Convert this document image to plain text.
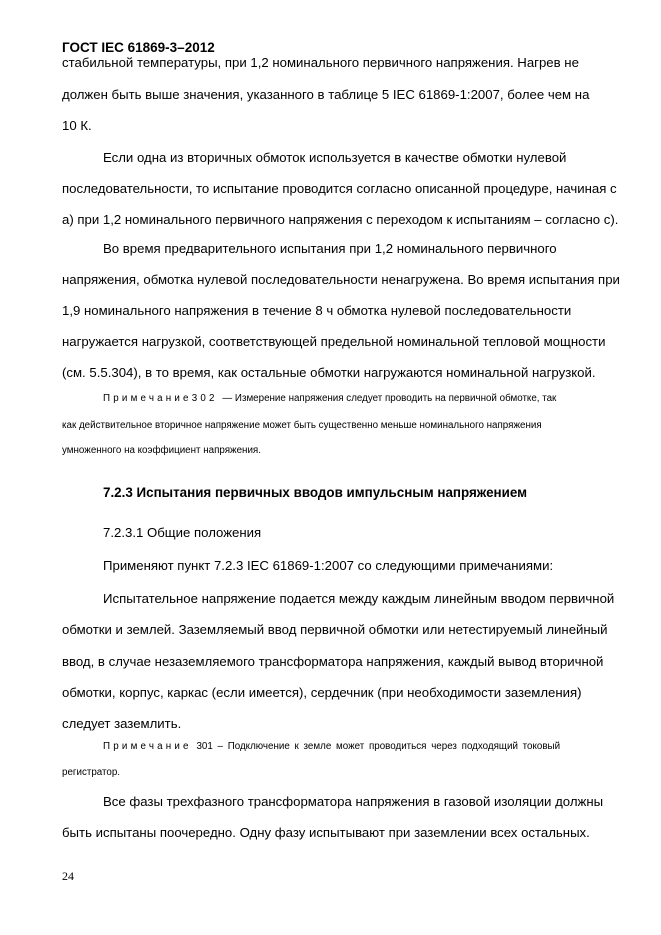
ГОСТ IEC 61869-3–2012
стабильной температуры, при 1,2 номинального первичного напряжения. Нагрев не
должен быть выше значения, указанного в таблице 5 IEC 61869-1:2007, более чем на
10 К.
Если одна из вторичных обмоток используется в качестве обмотки нулевой
последовательности, то испытание проводится согласно описанной процедуре, начиная с
а) при 1,2 номинального первичного напряжения с переходом к испытаниям – согласно с).
Во время предварительного испытания при 1,2 номинального первичного
напряжения, обмотка нулевой последовательности ненагружена. Во время испытания при
1,9 номинального напряжения в течение 8 ч обмотка нулевой последовательности
нагружается нагрузкой, соответствующей предельной номинальной тепловой мощности
(см. 5.5.304), в то время, как остальные обмотки нагружаются номинальной нагрузкой.
Примечание302 — Измерение напряжения следует проводить на первичной обмотке, так
как действительное вторичное напряжение может быть существенно меньше номинального напряжения
умноженного на коэффициент напряжения.
7.2.3 Испытания первичных вводов импульсным напряжением
7.2.3.1 Общие положения
Применяют пункт 7.2.3 IEC 61869-1:2007 со следующими примечаниями:
Испытательное напряжение подается между каждым линейным вводом первичной
обмотки и землей. Заземляемый ввод первичной обмотки или нетестируемый линейный
ввод, в случае незаземляемого трансформатора напряжения, каждый вывод вторичной
обмотки, корпус, каркас (если имеется), сердечник (при необходимости заземления)
следует заземлить.
Примечание 301 – Подключение к земле может проводиться через подходящий токовый
регистратор.
Все фазы трехфазного трансформатора напряжения в газовой изоляции должны
быть испытаны поочередно. Одну фазу испытывают при заземлении всех остальных.
24
